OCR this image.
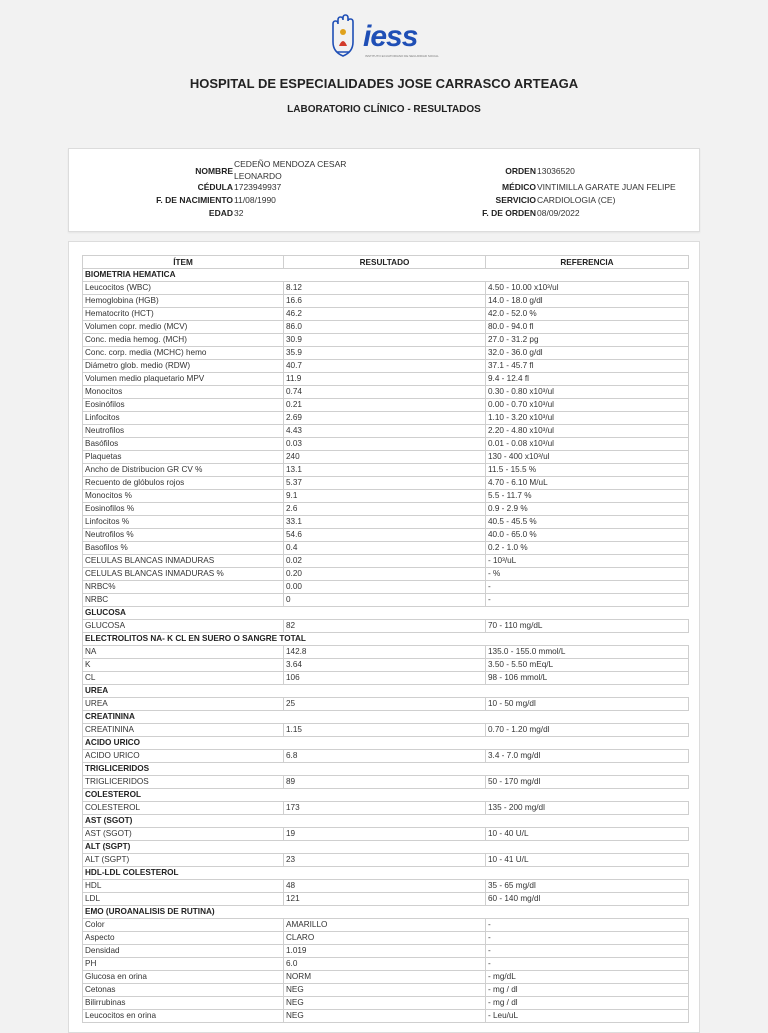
iess
INSTITUTO ECUATORIANO DE SEGURIDAD SOCIAL
HOSPITAL DE ESPECIALIDADES JOSE CARRASCO ARTEAGA
LABORATORIO CLÍNICO - RESULTADOS
NOMBRE
CEDEÑO MENDOZA CESAR
LEONARDO
CÉDULA 1723949937
F. DE NACIMIENTO 11/08/1990
EDAD 32
ORDEN 13036520
MÉDICO VINTIMILLA GARATE JUAN FELIPE
SERVICIO CARDIOLOGIA (CE)
F. DE ORDEN 08/09/2022
ÍTEM	RESULTADO	REFERENCIA
BIOMETRIA HEMATICA		
Leucocitos (WBC)	8.12	4.50 - 10.00 x10³/ul
Hemoglobina (HGB)	16.6	14.0 - 18.0 g/dl
Hematocrito (HCT)	46.2	42.0 - 52.0 %
Volumen copr. medio (MCV)	86.0	80.0 - 94.0 fl
Conc. media hemog. (MCH)	30.9	27.0 - 31.2 pg
Conc. corp. media (MCHC) hemo	35.9	32.0 - 36.0 g/dl
Diámetro glob. medio (RDW)	40.7	37.1 - 45.7 fl
Volumen medio plaquetario MPV	11.9	9.4 - 12.4 fl
Monocitos	0.74	0.30 - 0.80 x10³/ul
Eosinófilos	0.21	0.00 - 0.70 x10³/ul
Linfocitos	2.69	1.10 - 3.20 x10³/ul
Neutrofilos	4.43	2.20 - 4.80 x10³/ul
Basófilos	0.03	0.01 - 0.08 x10³/ul
Plaquetas	240	130 - 400 x10³/ul
Ancho de Distribucion GR CV %	13.1	11.5 - 15.5 %
Recuento de glóbulos rojos	5.37	4.70 - 6.10 M/uL
Monocitos %	9.1	5.5 - 11.7 %
Eosinofilos %	2.6	0.9 - 2.9 %
Linfocitos %	33.1	40.5 - 45.5 %
Neutrofilos %	54.6	40.0 - 65.0 %
Basofilos %	0.4	0.2 - 1.0 %
CELULAS BLANCAS INMADURAS	0.02	- 10³/uL
CELULAS BLANCAS INMADURAS %	0.20	- %
NRBC%	0.00	-
NRBC	0	-
GLUCOSA		
GLUCOSA	82	70 - 110 mg/dL
ELECTROLITOS NA- K CL EN SUERO O SANGRE TOTAL		
NA	142.8	135.0 - 155.0 mmol/L
K	3.64	3.50 - 5.50 mEq/L
CL	106	98 - 106 mmol/L
UREA		
UREA	25	10 - 50 mg/dl
CREATININA		
CREATININA	1.15	0.70 - 1.20 mg/dl
ACIDO URICO		
ACIDO URICO	6.8	3.4 - 7.0 mg/dl
TRIGLICERIDOS		
TRIGLICERIDOS	89	50 - 170 mg/dl
COLESTEROL		
COLESTEROL	173	135 - 200 mg/dl
AST (SGOT)		
AST (SGOT)	19	10 - 40 U/L
ALT (SGPT)		
ALT (SGPT)	23	10 - 41 U/L
HDL-LDL COLESTEROL		
HDL	48	35 - 65 mg/dl
LDL	121	60 - 140 mg/dl
EMO (UROANALISIS DE RUTINA)		
Color	AMARILLO	-
Aspecto	CLARO	-
Densidad	1.019	-
PH	6.0	-
Glucosa en orina	NORM	- mg/dL
Cetonas	NEG	- mg / dl
Bilirrubinas	NEG	- mg / dl
Leucocitos en orina	NEG	- Leu/uL
